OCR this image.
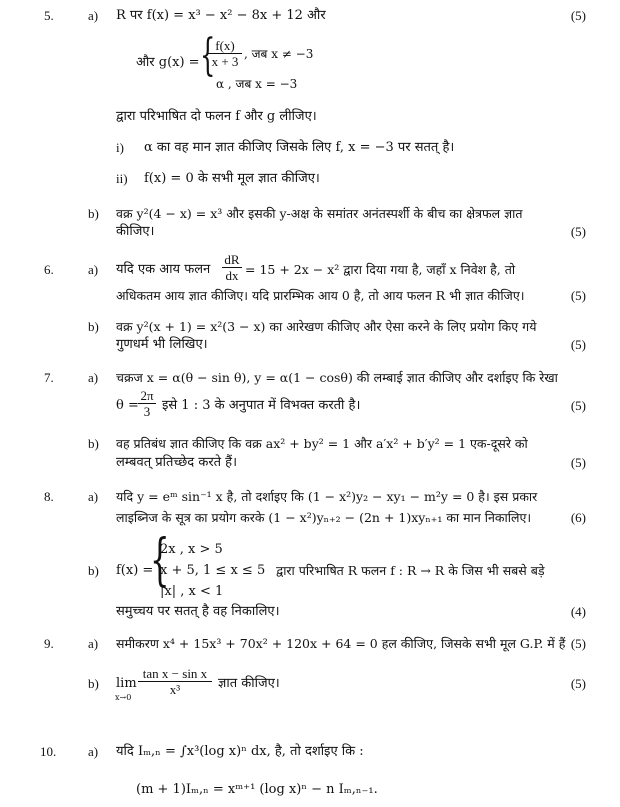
5.	a) R पर f(x) = x³ − x² − 8x + 12 और	(5)
और g(x) = {
$\frac{f(x)}{x + 3}$ , जब x ≠ −3
α , जब x = −3
द्वारा परिभाषित दो फलन f और g लीजिए।
i) α का वह मान ज्ञात कीजिए जिसके लिए f, x = −3 पर सतत् है।
ii) f(x) = 0 के सभी मूल ज्ञात कीजिए।
b) वक्र y²(4 − x) = x³ और इसकी y-अक्ष के समांतर अनंतस्पर्शी के बीच का क्षेत्रफल ज्ञात
कीजिए।	(5)
6.	a) यदि एक आय फलन $\frac{dR}{dx} = 15 + 2x - x^2$ द्वारा दिया गया है, जहाँ x निवेश है, तो
अधिकतम आय ज्ञात कीजिए। यदि प्रारम्भिक आय 0 है, तो आय फलन R भी ज्ञात कीजिए।	(5)
b) वक्र y²(x + 1) = x²(3 − x) का आरेखण कीजिए और ऐसा करने के लिए प्रयोग किए गये
गुणधर्म भी लिखिए।	(5)
7.	a) चक्रज x = α(θ − sin θ), y = α(1 − cosθ) की लम्बाई ज्ञात कीजिए और दर्शाइए कि रेखा
$\theta = \frac{2\pi}{3}$ इसे 1 : 3 के अनुपात में विभक्त करती है।	(5)
b) वह प्रतिबंध ज्ञात कीजिए कि वक्र ax² + by² = 1 और a′x² + b′y² = 1 एक-दूसरे को
लम्बवत् प्रतिच्छेद करते हैं।	(5)
8.	a) यदि y = eᵐ sin⁻¹ x है, तो दर्शाइए कि (1 − x²)y₂ − xy₁ − m²y = 0 है। इस प्रकार
लाइब्निज के सूत्र का प्रयोग करके (1 − x²)yₙ₊₂ − (2n + 1)xyₙ₊₁ का मान निकालिए।	(6)
b) f(x) =
{
2x , x > 5
x + 5, 1 ≤ x ≤ 5 द्वारा परिभाषित R फलन f : R → R के जिस भी सबसे बड़े
|x| , x < 1
समुच्चय पर सतत् है वह निकालिए।	(4)
9.	a) समीकरण x⁴ + 15x³ + 70x² + 120x + 64 = 0 हल कीजिए, जिसके सभी मूल G.P. में हैं (5)
b) lim
x→0
$\frac{\text{tan x − sin x}}{\text{x³}}$ ज्ञात कीजिए।	(5)
10. a) यदि Iₘ,ₙ = ∫x³(log x)ⁿ dx, है, तो दर्शाइए कि :
(m + 1)Iₘ,ₙ = xᵐ⁺¹ (log x)ⁿ − n Iₘ,ₙ₋₁.
